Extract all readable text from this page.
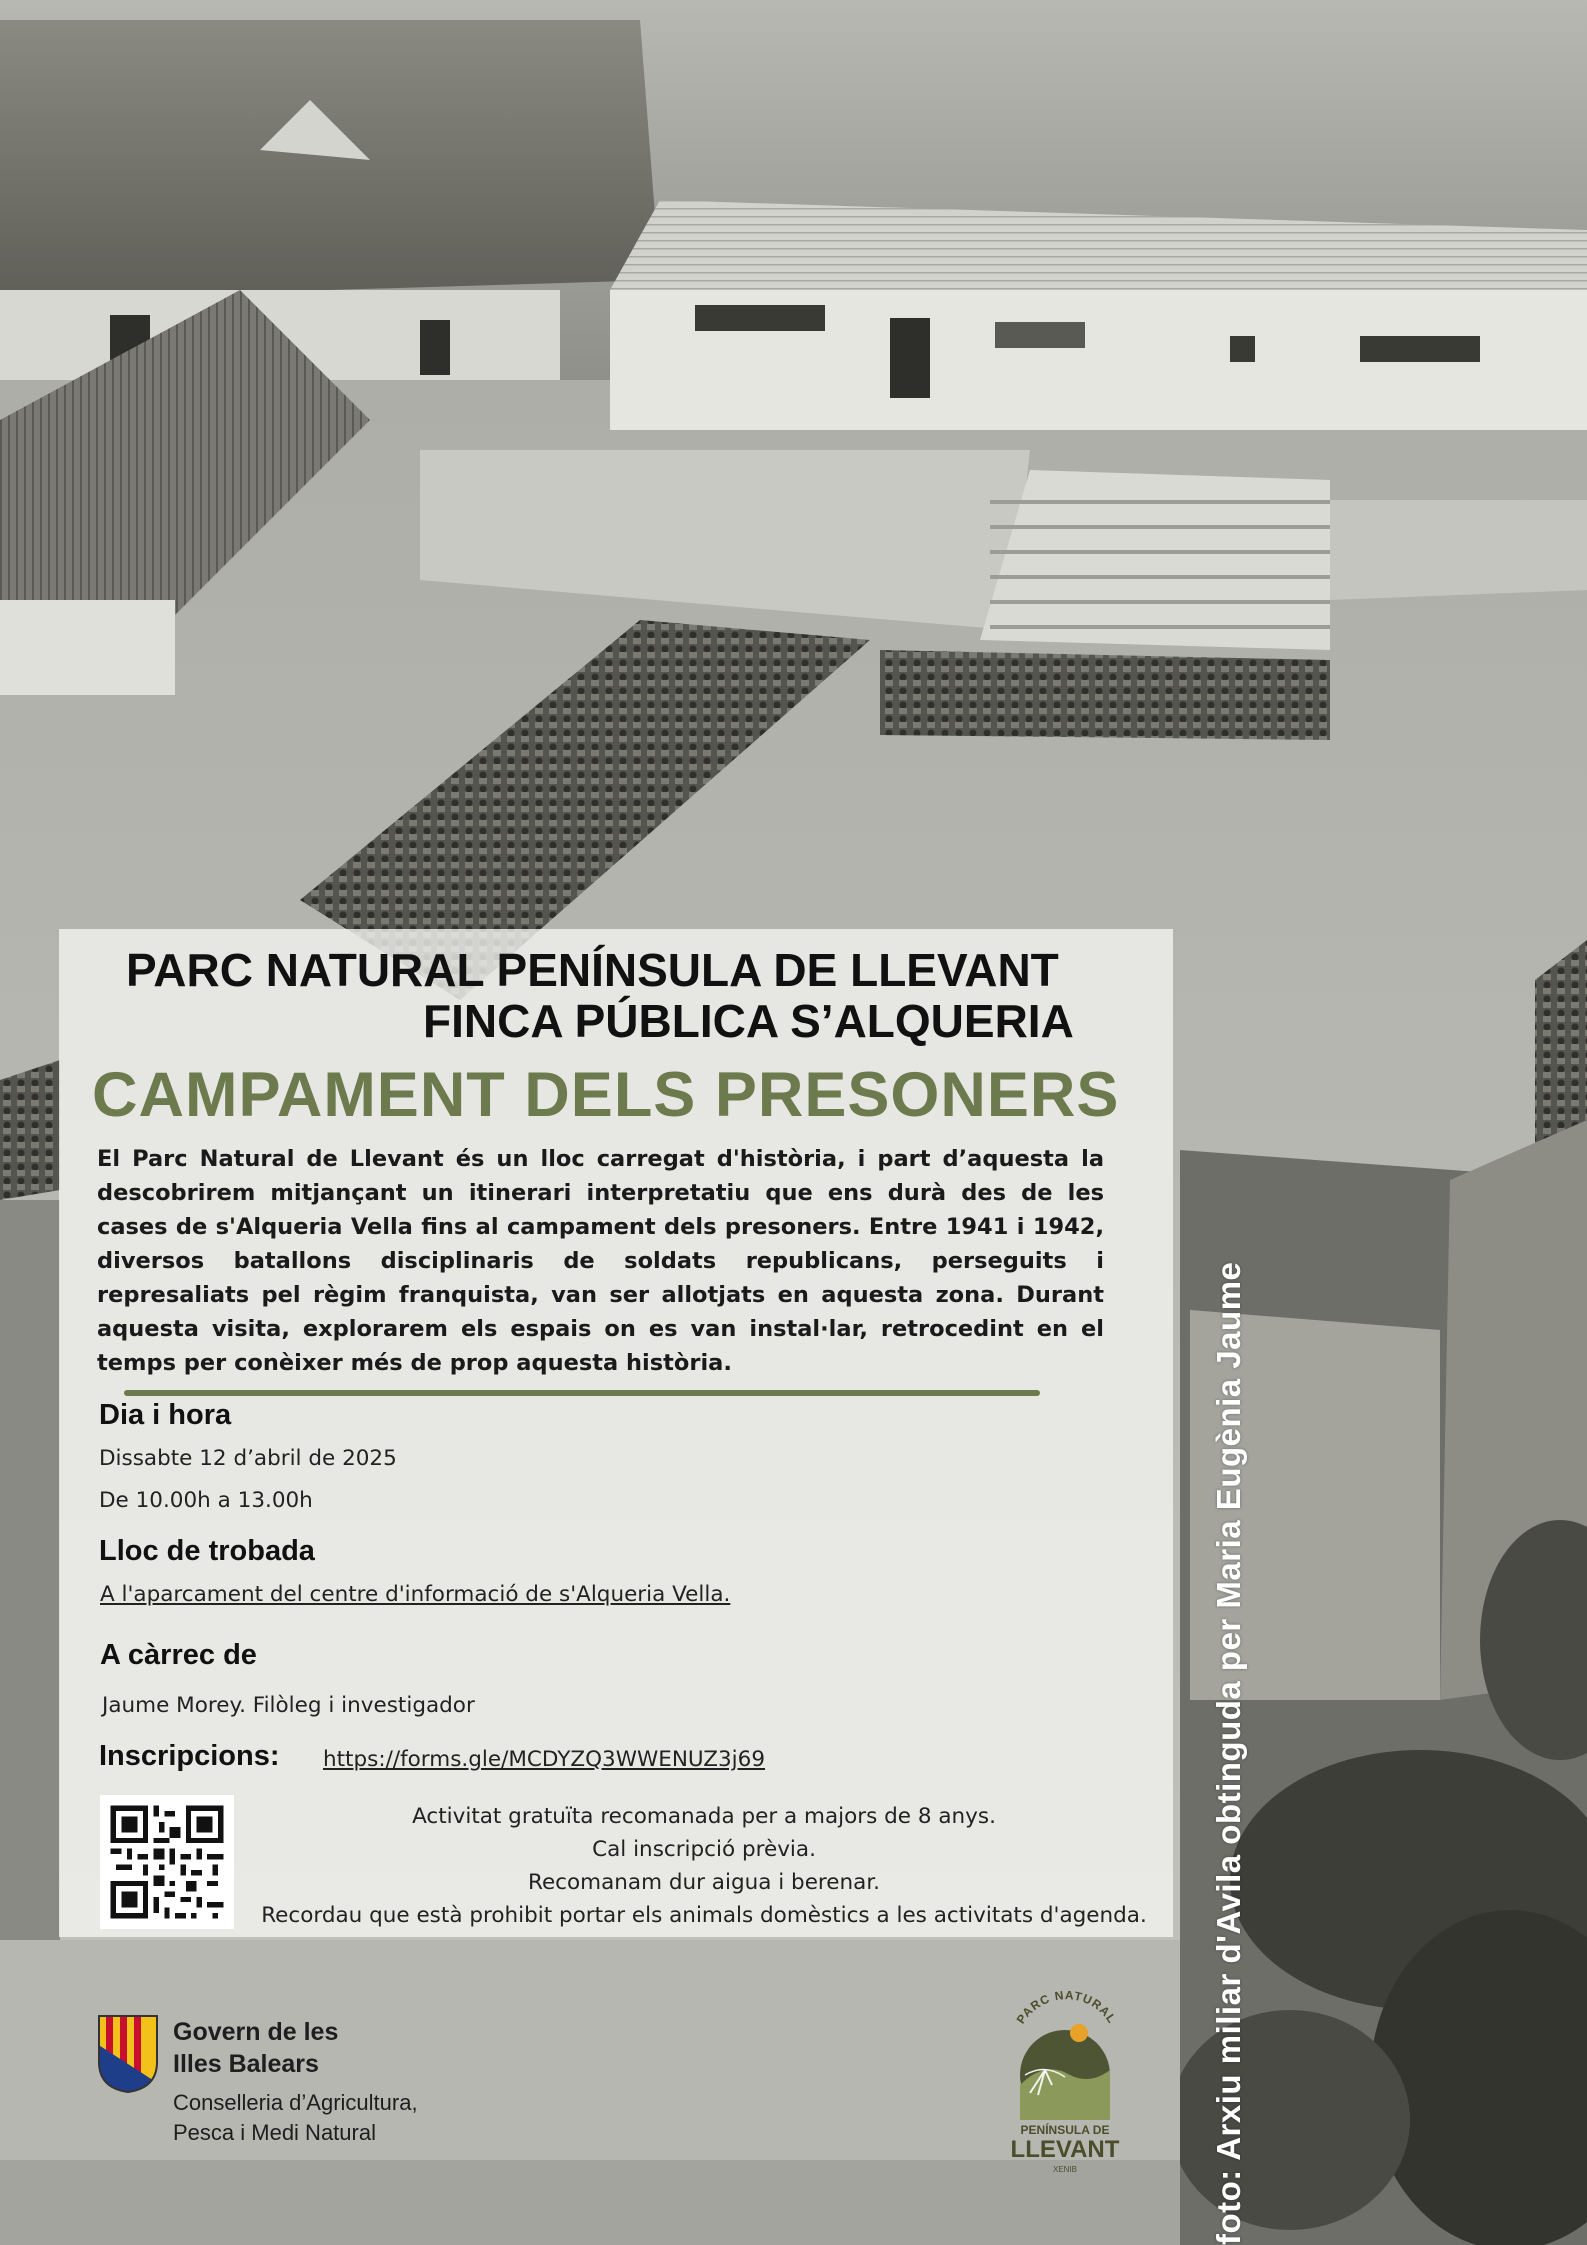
PARC NATURAL PENÍNSULA DE LLEVANT
FINCA PÚBLICA S’ALQUERIA
CAMPAMENT DELS PRESONERS
El Parc Natural de Llevant és un lloc carregat d'història, i part d’aquesta la descobrirem mitjançant un itinerari interpretatiu que ens durà des de les cases de s'Alqueria Vella fins al campament dels presoners. Entre 1941 i 1942, diversos batallons disciplinaris de soldats republicans, perseguits i represaliats pel règim franquista, van ser allotjats en aquesta zona. Durant aquesta visita, explorarem els espais on es van instal·lar, retrocedint en el temps per conèixer més de prop aquesta història.
Dia i hora
Dissabte 12 d’abril de 2025
De 10.00h a 13.00h
Lloc de trobada
A l'aparcament del centre d'informació de s'Alqueria Vella.
A càrrec de
Jaume Morey. Filòleg i investigador
Inscripcions: https://forms.gle/MCDYZQ3WWENUZ3j69
Activitat gratuïta recomanada per a majors de 8 anys.
Cal inscripció prèvia.
Recomanam dur aigua i berenar.
Recordau que està prohibit portar els animals domèstics a les activitats d'agenda.
Govern de les
Illes Balears
Conselleria d’Agricultura,
Pesca i Medi Natural
PARC NATURAL
PENÍNSULA DE
LLEVANT
XENIB	foto: Arxiu miliar d'Avila obtinguda per Maria Eugènia Jaume
